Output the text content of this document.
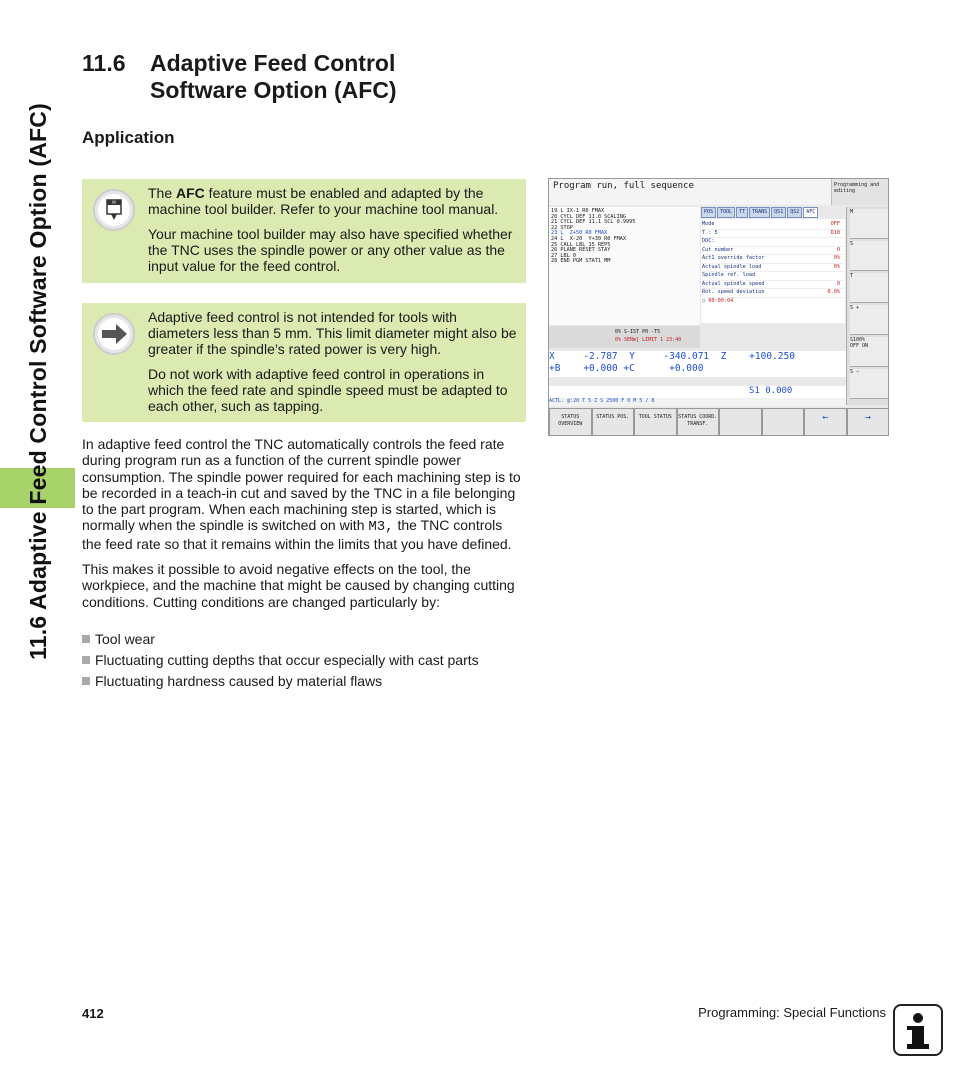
11.6 Adaptive Feed Control Software Option (AFC)
11.6 Adaptive Feed Control
Software Option (AFC)
Application
M

The AFC feature must be enabled and adapted by the machine tool builder. Refer to your machine tool manual.

Your machine tool builder may also have specified whether the TNC uses the spindle power or any other value as the input value for the feed control.

Adaptive feed control is not intended for tools with diameters less than 5 mm. This limit diameter might also be greater if the spindle’s rated power is very high.

Do not work with adaptive feed control in operations in which the feed rate and spindle speed must be adapted to each other, such as tapping.

In adaptive feed control the TNC automatically controls the feed rate during program run as a function of the current spindle power consumption. The spindle power required for each machining step is to be recorded in a teach-in cut and saved by the TNC in a file belonging to the part program. When each machining step is started, which is normally when the spindle is switched on with M3, the TNC controls the feed rate so that it remains within the limits that you have defined.

This makes it possible to avoid negative effects on the tool, the workpiece, and the machine that might be caused by changing cutting conditions. Cutting conditions are changed particularly by:

Tool wear
Fluctuating cutting depths that occur especially with cast parts
Fluctuating hardness caused by material flaws
Program run, full sequence	Programming and editing
19 L IX-1 R0 FMAX
20 CYCL DEF 11.0 SCALING
21 CYCL DEF 11.1 SCL 0.9995
22 STOP
23 L  Z+50 R0 FMAX
24 L  X-20  Y+30 R0 FMAX
25 CALL LBL 15 REP5
26 PLANE RESET STAY
27 LBL 0
28 END PGM STAT1 MM
POS	TOOL	TT	TRANS	QS1	QS2	AFC
Mode	OFF
T : 5	D10
DOC:
Cut number	0
Act1 override factor	0%
Actual spindle load	0%
Spindle ref. load
Actual spindle speed	0
Rot. speed deviation	0.0%
◯ 00:00:04
M
S
T
S +
S100%
OFF ON
S −
0% S-IST P0 -T5
0% SENm] LIMIT 1 23:40
X     -2.787  Y     -340.071  Z    +100.250
+B    +0.000 +C      +0.000
S1 0.000
ACTL. @:20 T 5 Z S 2500 F 0 M 5 / 8
STATUS OVERVIEW
STATUS POS.	TOOL STATUS	STATUS COORD. TRANSF.
←	→
412	Programming: Special Functions
